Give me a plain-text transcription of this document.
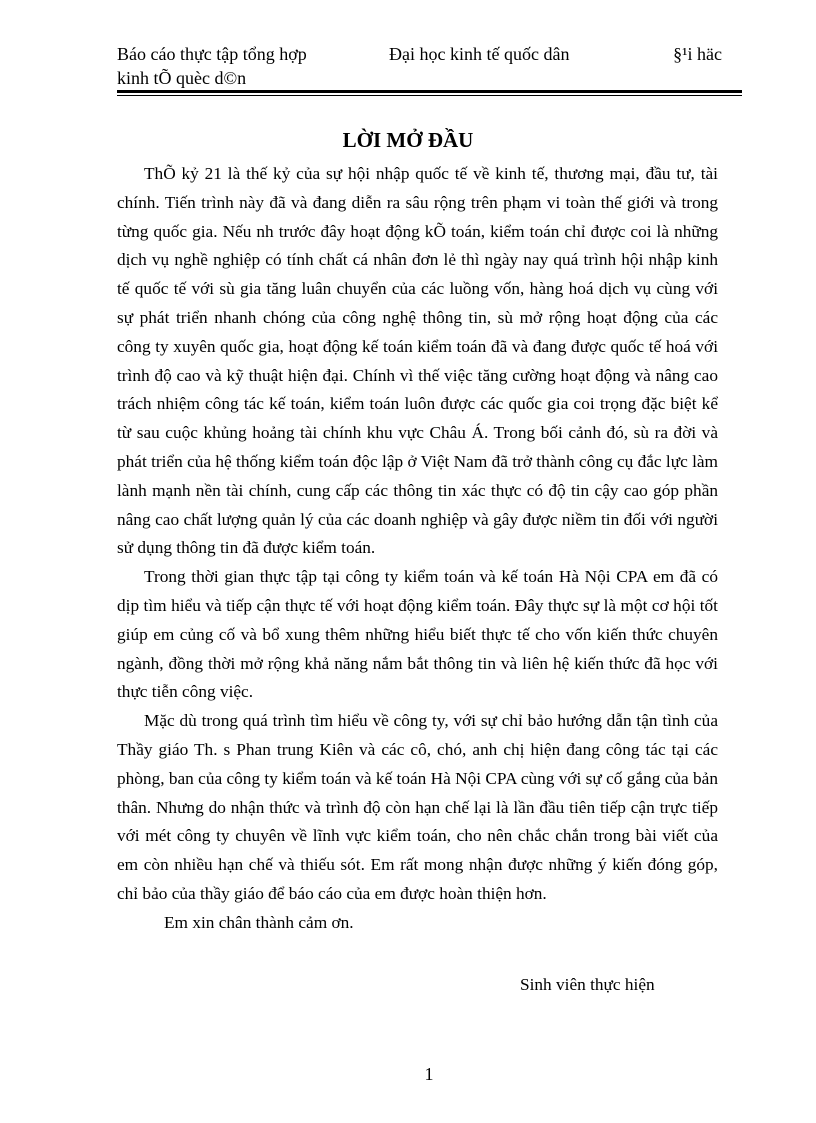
Báo cáo thực tập tổng hợp	Đại học kinh tế quốc dân	§¹i häc
kinh tÕ quèc d©n
LỜI MỞ ĐẦU

ThÕ kỷ 21 là thế kỷ của sự hội nhập quốc tế về kinh tế, thương mại, đầu tư, tài chính. Tiến trình này đã và đang diễn ra sâu rộng trên phạm vi toàn thế giới và trong từng quốc gia. Nếu nh trước đây hoạt động kÕ toán, kiểm toán chỉ được coi là những dịch vụ nghề nghiệp có tính chất cá nhân đơn lẻ thì ngày nay quá trình hội nhập kinh tế quốc tế với sù gia tăng luân chuyển của các luồng vốn, hàng hoá dịch vụ cùng với sự phát triển nhanh chóng của công nghệ thông tin, sù mở rộng hoạt động của các công ty xuyên quốc gia, hoạt động kế toán kiểm toán đã và đang được quốc tế hoá với trình độ cao và kỹ thuật hiện đại. Chính vì thế việc tăng cường hoạt động và nâng cao trách nhiệm công tác kế toán, kiểm toán luôn được các quốc gia coi trọng đặc biệt kể từ sau cuộc khủng hoảng tài chính khu vực Châu Á. Trong bối cảnh đó, sù ra đời và phát triển của hệ thống kiểm toán độc lập ở Việt Nam đã trở thành công cụ đắc lực làm lành mạnh nền tài chính, cung cấp các thông tin xác thực có độ tin cậy cao góp phần nâng cao chất lượng quản lý của các doanh nghiệp và gây được niềm tin đối với người sử dụng thông tin đã được kiểm toán.

Trong thời gian thực tập tại công ty kiểm toán và kế toán Hà Nội CPA em đã có dịp tìm hiểu và tiếp cận thực tế với hoạt động kiểm toán. Đây thực sự là một cơ hội tốt giúp em củng cố và bổ xung thêm những hiểu biết thực tế cho vốn kiến thức chuyên ngành, đồng thời mở rộng khả năng nắm bắt thông tin và liên hệ kiến thức đã học với thực tiễn công việc.

Mặc dù trong quá trình tìm hiểu về công ty, với sự chỉ bảo hướng dẫn tận tình của Thầy giáo Th. s Phan trung Kiên và các cô, chó, anh chị hiện đang công tác tại các phòng, ban của công ty kiểm toán và kế toán Hà Nội CPA cùng với sự cố gắng của bản thân. Nhưng do nhận thức và trình độ còn hạn chế lại là lần đầu tiên tiếp cận trực tiếp với mét công ty chuyên về lĩnh vực kiểm toán, cho nên chắc chắn trong bài viết của em còn nhiều hạn chế và thiếu sót. Em rất mong nhận được những ý kiến đóng góp, chỉ bảo của thầy giáo để báo cáo của em được hoàn thiện hơn.

Em xin chân thành cảm ơn.

Sinh viên thực hiện
1
